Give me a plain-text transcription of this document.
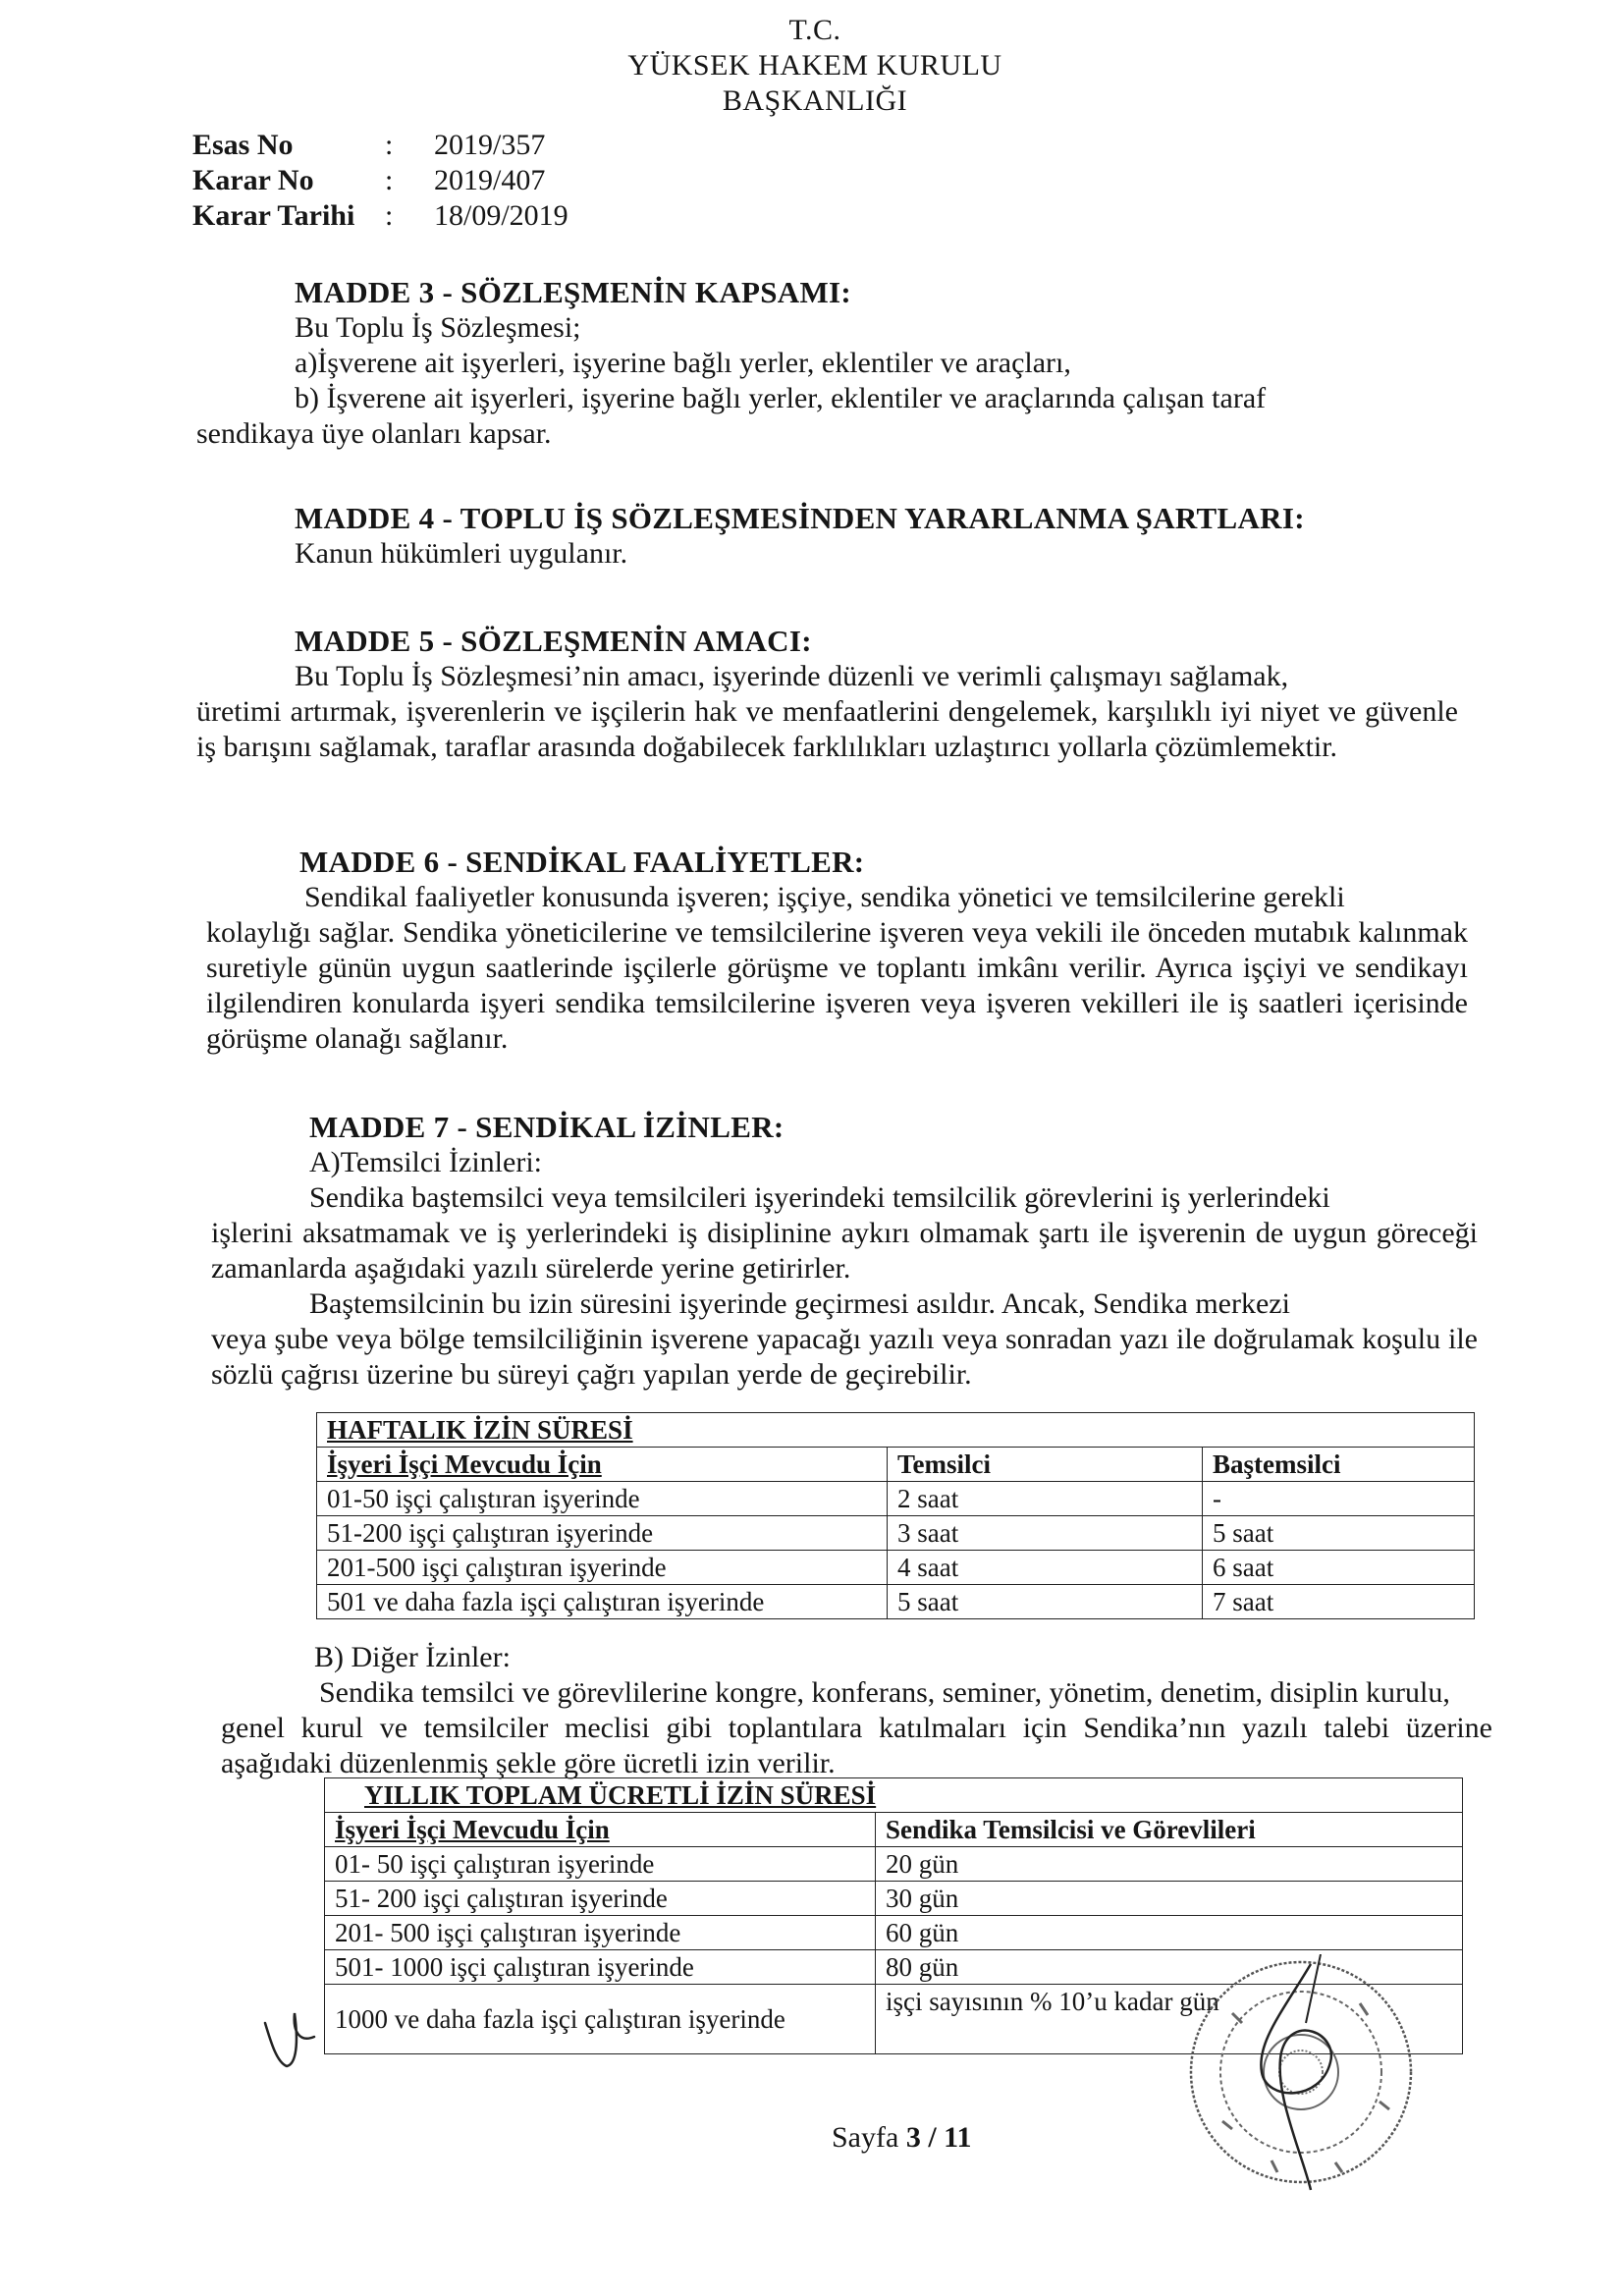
T.C.
YÜKSEK HAKEM KURULU
BAŞKANLIĞI
Esas No	:	2019/357
Karar No	:	2019/407
Karar Tarihi	:	18/09/2019
MADDE 3 - SÖZLEŞMENİN KAPSAMI:
Bu Toplu İş Sözleşmesi;
a)İşverene ait işyerleri, işyerine bağlı yerler, eklentiler ve araçları,
b) İşverene ait işyerleri, işyerine bağlı yerler, eklentiler ve araçlarında çalışan taraf
sendikaya üye olanları kapsar.
MADDE 4 - TOPLU İŞ SÖZLEŞMESİNDEN YARARLANMA ŞARTLARI:
Kanun hükümleri uygulanır.
MADDE 5 - SÖZLEŞMENİN AMACI:
Bu Toplu İş Sözleşmesi’nin amacı, işyerinde düzenli ve verimli çalışmayı sağlamak,
üretimi artırmak, işverenlerin ve işçilerin hak ve menfaatlerini dengelemek, karşılıklı iyi niyet ve güvenle iş barışını sağlamak, taraflar arasında doğabilecek farklılıkları uzlaştırıcı yollarla çözümlemektir.
MADDE 6 - SENDİKAL FAALİYETLER:
Sendikal faaliyetler konusunda işveren; işçiye, sendika yönetici ve temsilcilerine gerekli
kolaylığı sağlar. Sendika yöneticilerine ve temsilcilerine işveren veya vekili ile önceden mutabık kalınmak suretiyle günün uygun saatlerinde işçilerle görüşme ve toplantı imkânı verilir. Ayrıca işçiyi ve sendikayı ilgilendiren konularda işyeri sendika temsilcilerine işveren veya işveren vekilleri ile iş saatleri içerisinde görüşme olanağı sağlanır.
MADDE 7 - SENDİKAL İZİNLER:
A)Temsilci İzinleri:
Sendika baştemsilci veya temsilcileri işyerindeki temsilcilik görevlerini iş yerlerindeki
işlerini aksatmamak ve iş yerlerindeki iş disiplinine aykırı olmamak şartı ile işverenin de uygun göreceği zamanlarda aşağıdaki yazılı sürelerde yerine getirirler.
Baştemsilcinin bu izin süresini işyerinde geçirmesi asıldır. Ancak, Sendika merkezi
veya şube veya bölge temsilciliğinin işverene yapacağı yazılı veya sonradan yazı ile doğrulamak koşulu ile sözlü çağrısı üzerine bu süreyi çağrı yapılan yerde de geçirebilir.
HAFTALIK İZİN SÜRESİ		
İşyeri İşçi Mevcudu İçin	Temsilci	Baştemsilci
01-50 işçi çalıştıran işyerinde	2 saat	-
51-200 işçi çalıştıran işyerinde	3 saat	5 saat
201-500 işçi çalıştıran işyerinde	4 saat	6 saat
501 ve daha fazla işçi çalıştıran işyerinde	5 saat	7 saat
B) Diğer İzinler:
Sendika temsilci ve görevlilerine kongre, konferans, seminer, yönetim, denetim, disiplin kurulu,
genel kurul ve temsilciler meclisi gibi toplantılara katılmaları için Sendika’nın yazılı talebi üzerine aşağıdaki düzenlenmiş şekle göre ücretli izin verilir.
YILLIK TOPLAM ÜCRETLİ İZİN SÜRESİ	
İşyeri İşçi Mevcudu İçin	Sendika Temsilcisi ve Görevlileri
01- 50 işçi çalıştıran işyerinde	20 gün
51- 200 işçi çalıştıran işyerinde	30 gün
201- 500 işçi çalıştıran işyerinde	60 gün
501- 1000 işçi çalıştıran işyerinde	80 gün
1000 ve daha fazla işçi çalıştıran işyerinde	işçi sayısının % 10’u kadar gün
Sayfa 3 / 11
